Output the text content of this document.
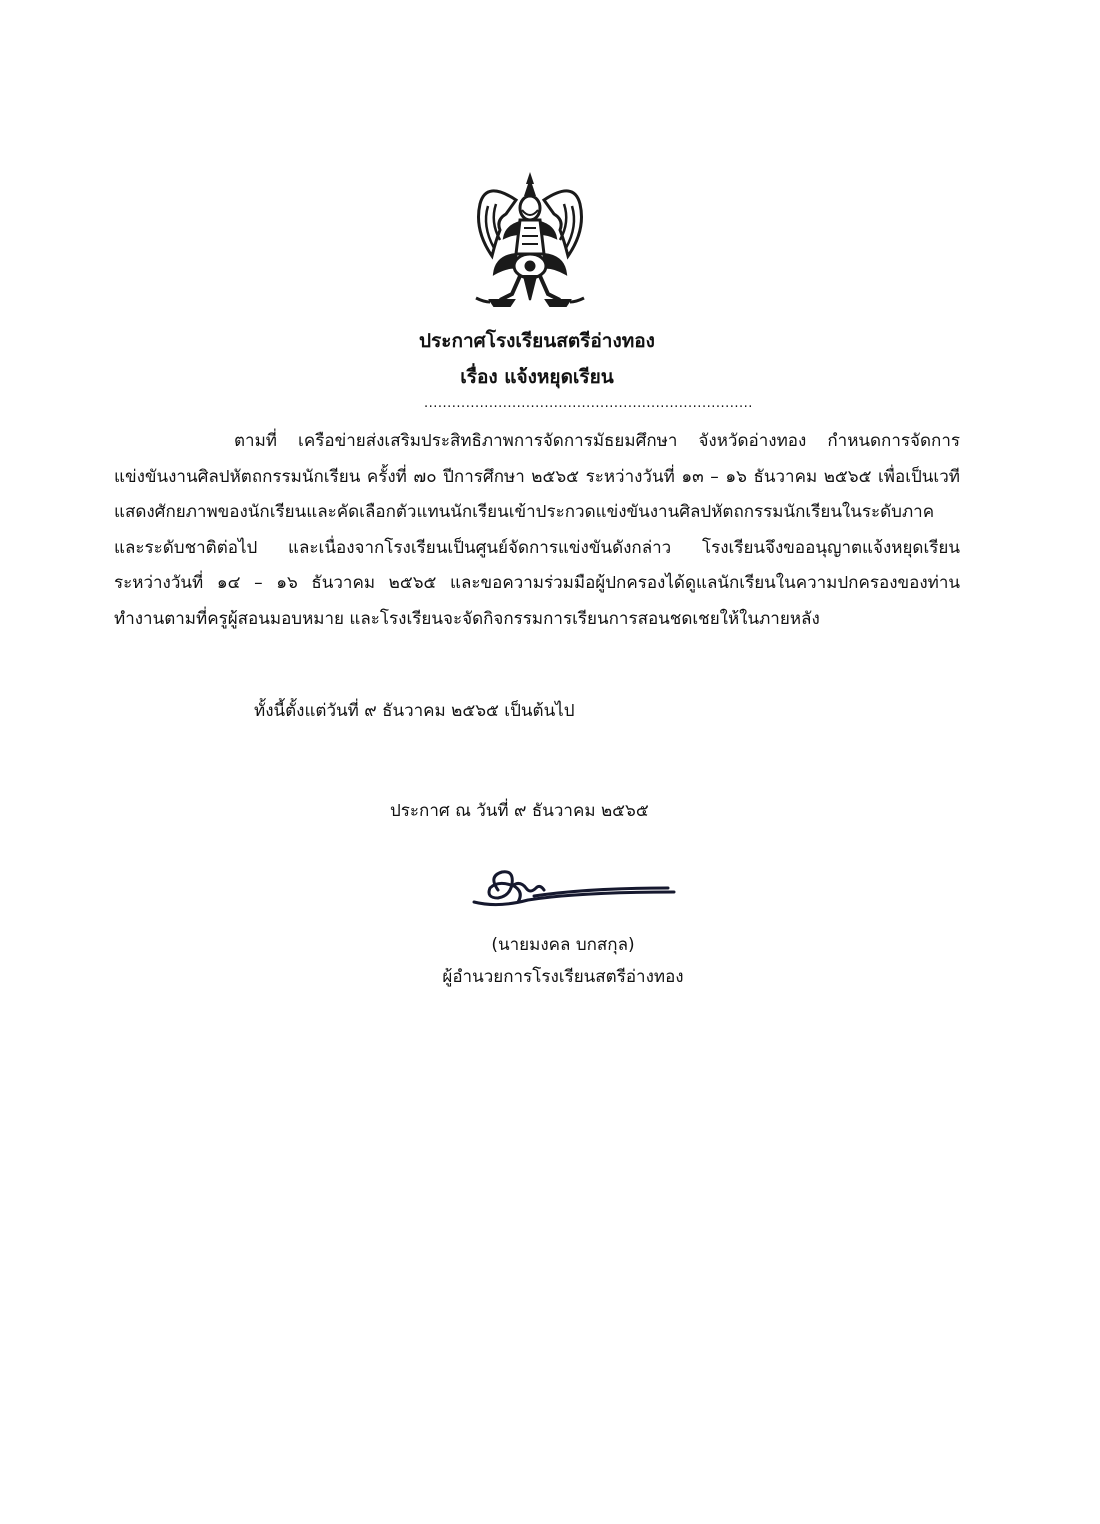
ประกาศโรงเรียนสตรีอ่างทอง
เรื่อง แจ้งหยุดเรียน
.......................................................................
ตามที่ เครือข่ายส่งเสริมประสิทธิภาพการจัดการมัธยมศึกษา จังหวัดอ่างทอง กำหนดการจัดการแข่งขันงานศิลปหัตถกรรมนักเรียน ครั้งที่ ๗๐ ปีการศึกษา ๒๕๖๕ ระหว่างวันที่ ๑๓ – ๑๖ ธันวาคม ๒๕๖๕ เพื่อเป็นเวทีแสดงศักยภาพของนักเรียนและคัดเลือกตัวแทนนักเรียนเข้าประกวดแข่งขันงานศิลปหัตถกรรมนักเรียนในระดับภาคและระดับชาติต่อไป และเนื่องจากโรงเรียนเป็นศูนย์จัดการแข่งขันดังกล่าว โรงเรียนจึงขออนุญาตแจ้งหยุดเรียน ระหว่างวันที่ ๑๔ – ๑๖ ธันวาคม ๒๕๖๕ และขอความร่วมมือผู้ปกครองได้ดูแลนักเรียนในความปกครองของท่าน ทำงานตามที่ครูผู้สอนมอบหมาย และโรงเรียนจะจัดกิจกรรมการเรียนการสอนชดเชยให้ในภายหลัง
ทั้งนี้ตั้งแต่วันที่ ๙ ธันวาคม ๒๕๖๕ เป็นต้นไป
ประกาศ ณ วันที่ ๙ ธันวาคม ๒๕๖๕
(นายมงคล บกสกุล)
ผู้อำนวยการโรงเรียนสตรีอ่างทอง
